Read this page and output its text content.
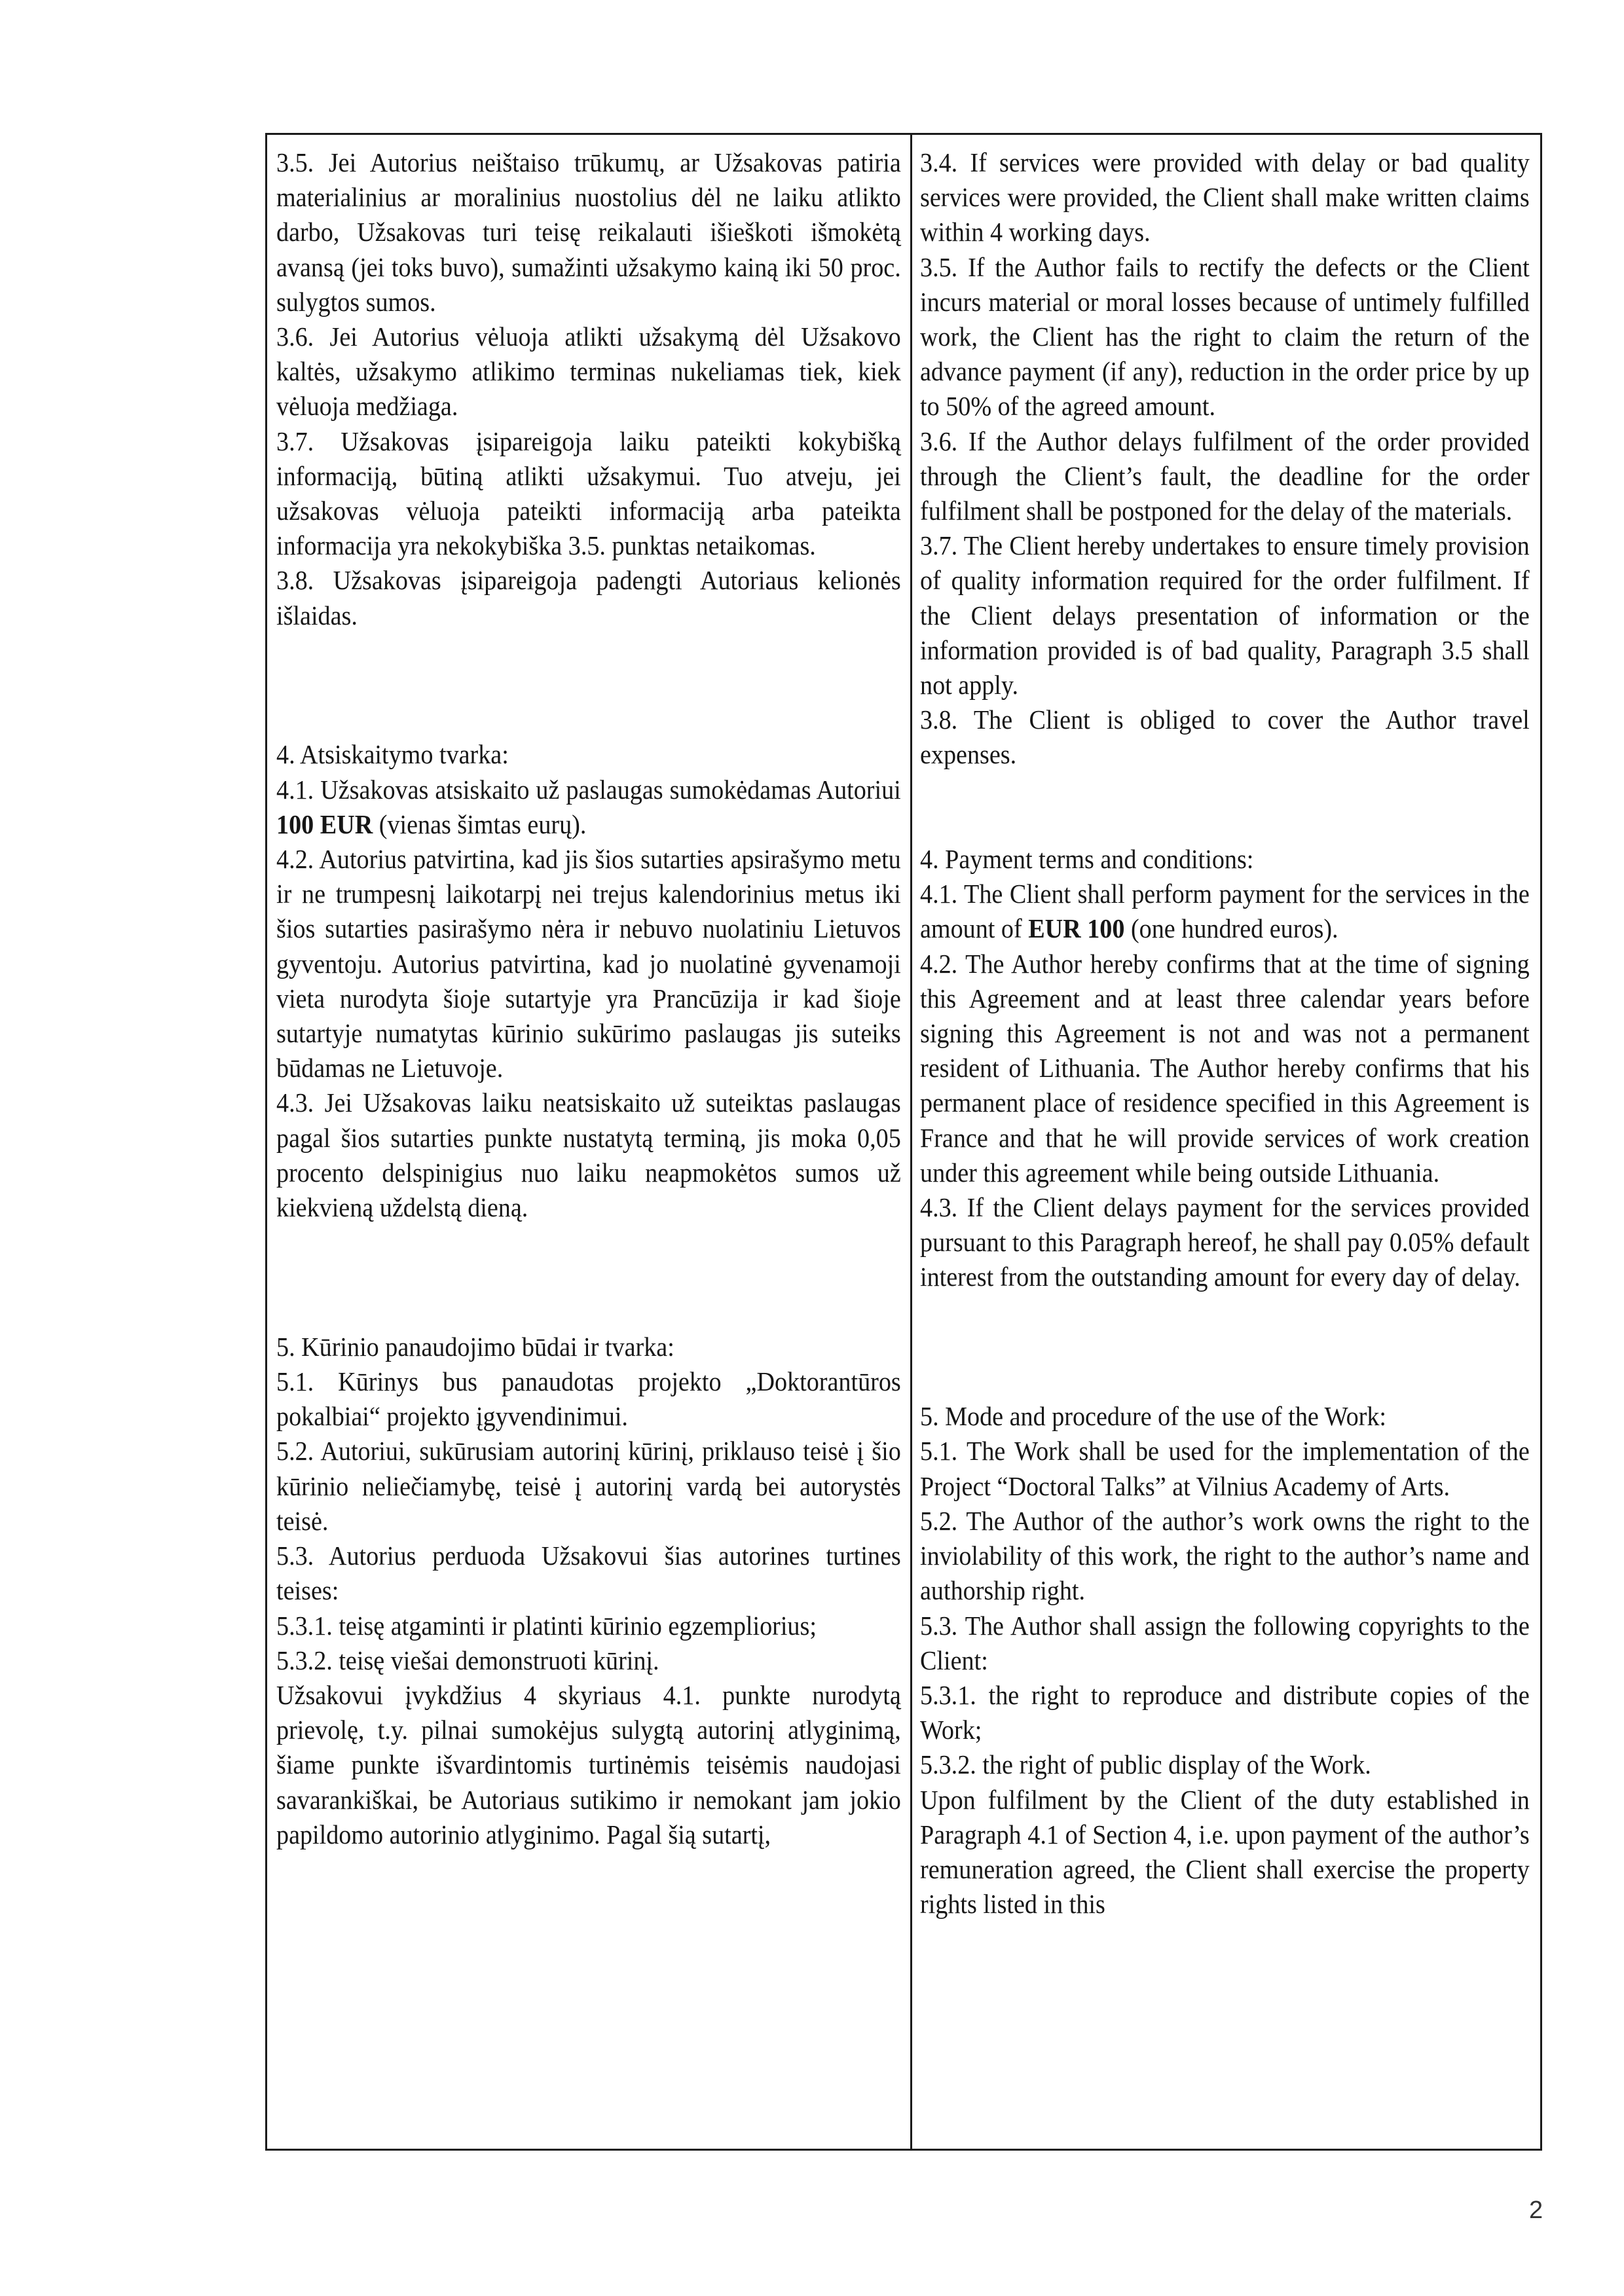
3.5. Jei Autorius neištaiso trūkumų, ar Užsakovas patiria materialinius ar moralinius nuostolius dėl ne laiku atlikto darbo, Užsakovas turi teisę reikalauti išieškoti išmokėtą avansą (jei toks buvo), sumažinti užsakymo kainą iki 50 proc. sulygtos sumos.

3.6. Jei Autorius vėluoja atlikti užsakymą dėl Užsakovo kaltės, užsakymo atlikimo terminas nukeliamas tiek, kiek vėluoja medžiaga.

3.7. Užsakovas įsipareigoja laiku pateikti kokybišką informaciją, būtiną atlikti užsakymui. Tuo atveju, jei užsakovas vėluoja pateikti informaciją arba pateikta informacija yra nekokybiška 3.5. punktas netaikomas.

3.8. Užsakovas įsipareigoja padengti Autoriaus kelionės išlaidas.

4. Atsiskaitymo tvarka:

4.1. Užsakovas atsiskaito už paslaugas sumokėdamas Autoriui 100 EUR (vienas šimtas eurų).

4.2. Autorius patvirtina, kad jis šios sutarties apsirašymo metu ir ne trumpesnį laikotarpį nei trejus kalendorinius metus iki šios sutarties pasirašymo nėra ir nebuvo nuolatiniu Lietuvos gyventoju. Autorius patvirtina, kad jo nuolatinė gyvenamoji vieta nurodyta šioje sutartyje yra Prancūzija ir kad šioje sutartyje numatytas kūrinio sukūrimo paslaugas jis suteiks būdamas ne Lietuvoje.

4.3. Jei Užsakovas laiku neatsiskaito už suteiktas paslaugas pagal šios sutarties punkte nustatytą terminą, jis moka 0,05 procento delspinigius nuo laiku neapmokėtos sumos už kiekvieną uždelstą dieną.

5. Kūrinio panaudojimo būdai ir tvarka:

5.1. Kūrinys bus panaudotas projekto „Doktorantūros pokalbiai“ projekto įgyvendinimui.

5.2. Autoriui, sukūrusiam autorinį kūrinį, priklauso teisė į šio kūrinio neliečiamybę, teisė į autorinį vardą bei autorystės teisė.

5.3. Autorius perduoda Užsakovui šias autorines turtines teises:

5.3.1. teisę atgaminti ir platinti kūrinio egzempliorius;

5.3.2. teisę viešai demonstruoti kūrinį.

Užsakovui įvykdžius 4 skyriaus 4.1. punkte nurodytą prievolę, t.y. pilnai sumokėjus sulygtą autorinį atlyginimą, šiame punkte išvardintomis turtinėmis teisėmis naudojasi savarankiškai, be Autoriaus sutikimo ir nemokant jam jokio papildomo autorinio atlyginimo. Pagal šią sutartį,

3.4. If services were provided with delay or bad quality services were provided, the Client shall make written claims within 4 working days.

3.5. If the Author fails to rectify the defects or the Client incurs material or moral losses because of untimely fulfilled work, the Client has the right to claim the return of the advance payment (if any), reduction in the order price by up to 50% of the agreed amount.

3.6. If the Author delays fulfilment of the order provided through the Client’s fault, the deadline for the order fulfilment shall be postponed for the delay of the materials.

3.7. The Client hereby undertakes to ensure timely provision of quality information required for the order fulfilment. If the Client delays presentation of information or the information provided is of bad quality, Paragraph 3.5 shall not apply.

3.8. The Client is obliged to cover the Author travel expenses.

4. Payment terms and conditions:

4.1. The Client shall perform payment for the services in the amount of EUR 100 (one hundred euros).

4.2. The Author hereby confirms that at the time of signing this Agreement and at least three calendar years before signing this Agreement is not and was not a permanent resident of Lithuania. The Author hereby confirms that his permanent place of residence specified in this Agreement is France and that he will provide services of work creation under this agreement while being outside Lithuania.

4.3. If the Client delays payment for the services provided pursuant to this Paragraph hereof, he shall pay 0.05% default interest from the outstanding amount for every day of delay.

5. Mode and procedure of the use of the Work:

5.1. The Work shall be used for the implementation of the Project “Doctoral Talks” at Vilnius Academy of Arts.

5.2. The Author of the author’s work owns the right to the inviolability of this work, the right to the author’s name and authorship right.

5.3. The Author shall assign the following copyrights to the Client:

5.3.1. the right to reproduce and distribute copies of the Work;

5.3.2. the right of public display of the Work.

Upon fulfilment by the Client of the duty established in Paragraph 4.1 of Section 4, i.e. upon payment of the author’s remuneration agreed, the Client shall exercise the property rights listed in this

2
